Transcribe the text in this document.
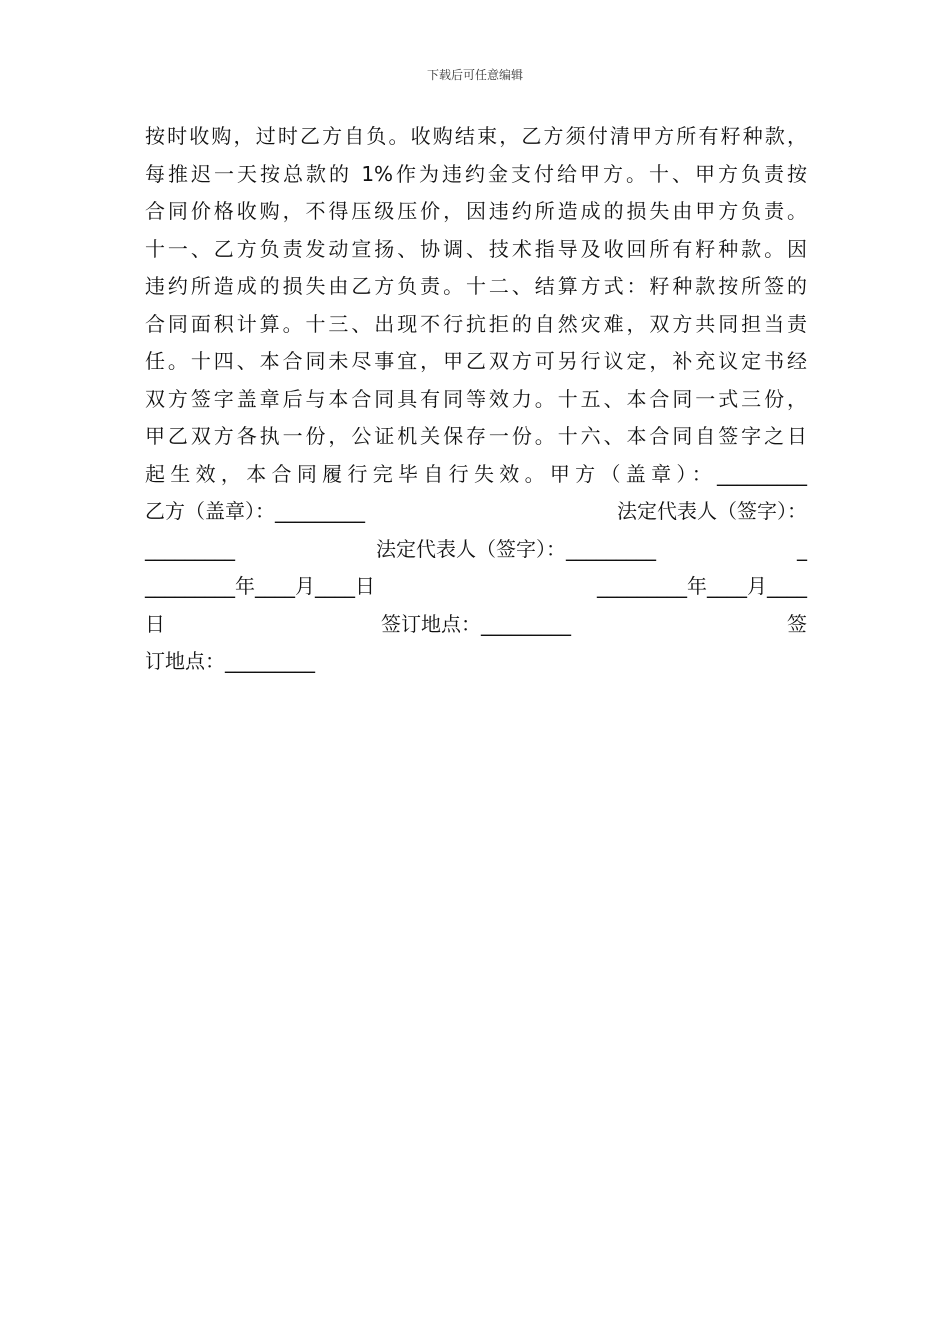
下载后可任意编辑
按时收购，过时乙方自负。收购结束，乙方须付清甲方所有籽种款，
每推迟一天按总款的 1%作为违约金支付给甲方。十、甲方负责按
合同价格收购，不得压级压价，因违约所造成的损失由甲方负责。
十一、乙方负责发动宣扬、协调、技术指导及收回所有籽种款。因
违约所造成的损失由乙方负责。十二、结算方式：籽种款按所签的
合同面积计算。十三、出现不行抗拒的自然灾难，双方共同担当责
任。十四、本合同未尽事宜，甲乙双方可另行议定，补充议定书经
双方签字盖章后与本合同具有同等效力。十五、本合同一式三份，
甲乙双方各执一份，公证机关保存一份。十六、本合同自签字之日
起生效，本合同履行完毕自行失效。甲方（盖章）：_________
乙方（盖章）：_________	法定代表人（签字）：
_________	法定代表人（签字）：_________	_
_________年____月____日	_________年____月____
日	签订地点：_________	签
订地点：_________
